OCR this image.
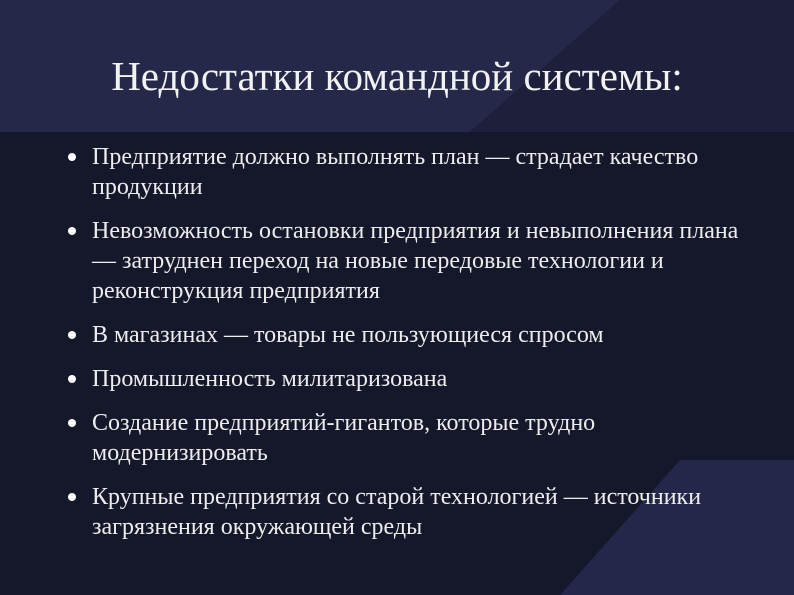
Недостатки командной системы:
Предприятие должно выполнять план — страдает качество продукции
Невозможность остановки предприятия и невыполнения плана — затруднен переход на новые передовые технологии и реконструкция предприятия
В магазинах — товары не пользующиеся спросом
Промышленность милитаризована
Создание предприятий-гигантов, которые трудно модернизировать
Крупные предприятия со старой технологией — источники загрязнения окружающей среды
